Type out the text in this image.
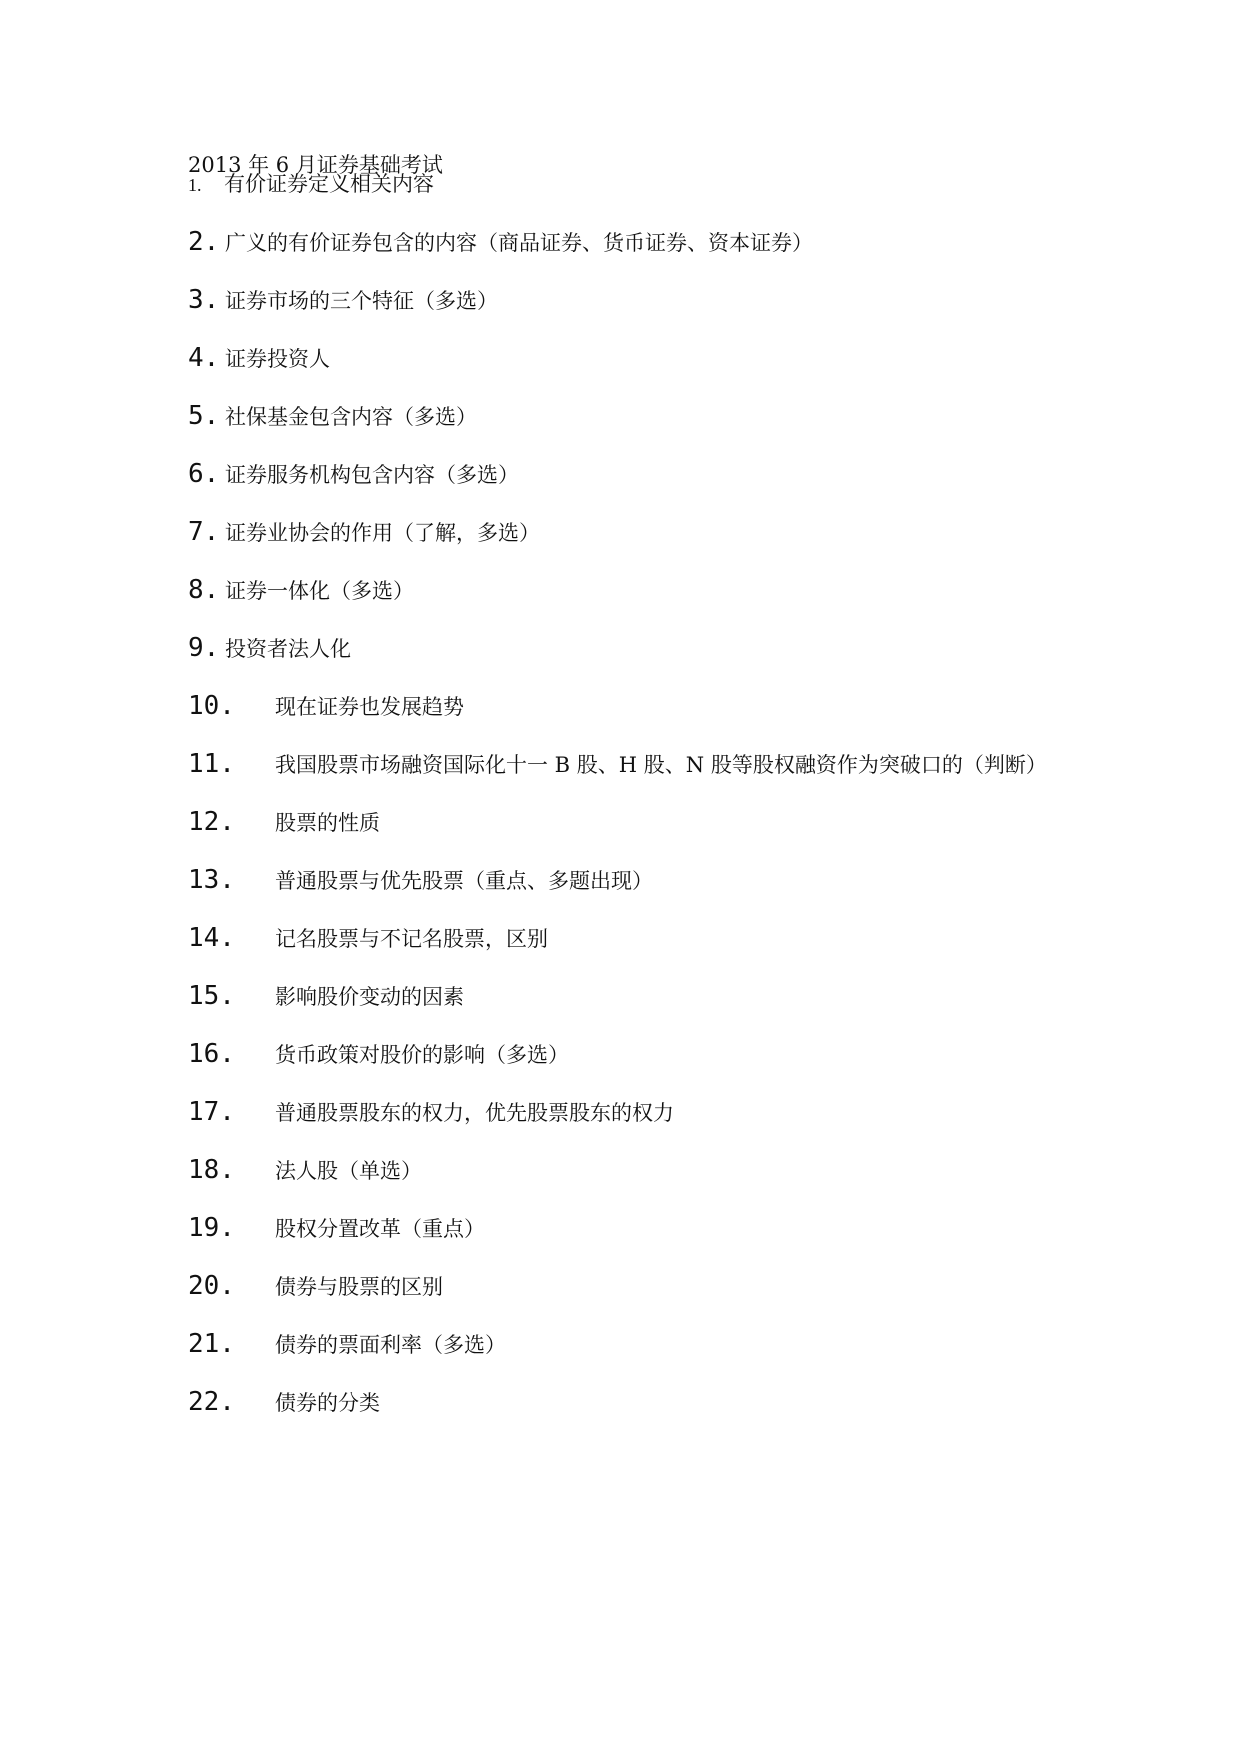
2013 年 6 月证券基础考试
1.	有价证券定义相关内容
2. 广义的有价证券包含的内容（商品证券、货币证券、资本证券）
3. 证券市场的三个特征（多选）
4. 证券投资人
5. 社保基金包含内容（多选）
6. 证券服务机构包含内容（多选）
7. 证券业协会的作用（了解，多选）
8. 证券一体化（多选）
9. 投资者法人化
10.	现在证券也发展趋势
11.	我国股票市场融资国际化十一 B 股、H 股、N 股等股权融资作为突破口的（判断）
12.	股票的性质
13.	普通股票与优先股票（重点、多题出现）
14.	记名股票与不记名股票，区别
15.	影响股价变动的因素
16.	货币政策对股价的影响（多选）
17.	普通股票股东的权力，优先股票股东的权力
18.	法人股（单选）
19.	股权分置改革（重点）
20.	债券与股票的区别
21.	债券的票面利率（多选）
22.	债券的分类
